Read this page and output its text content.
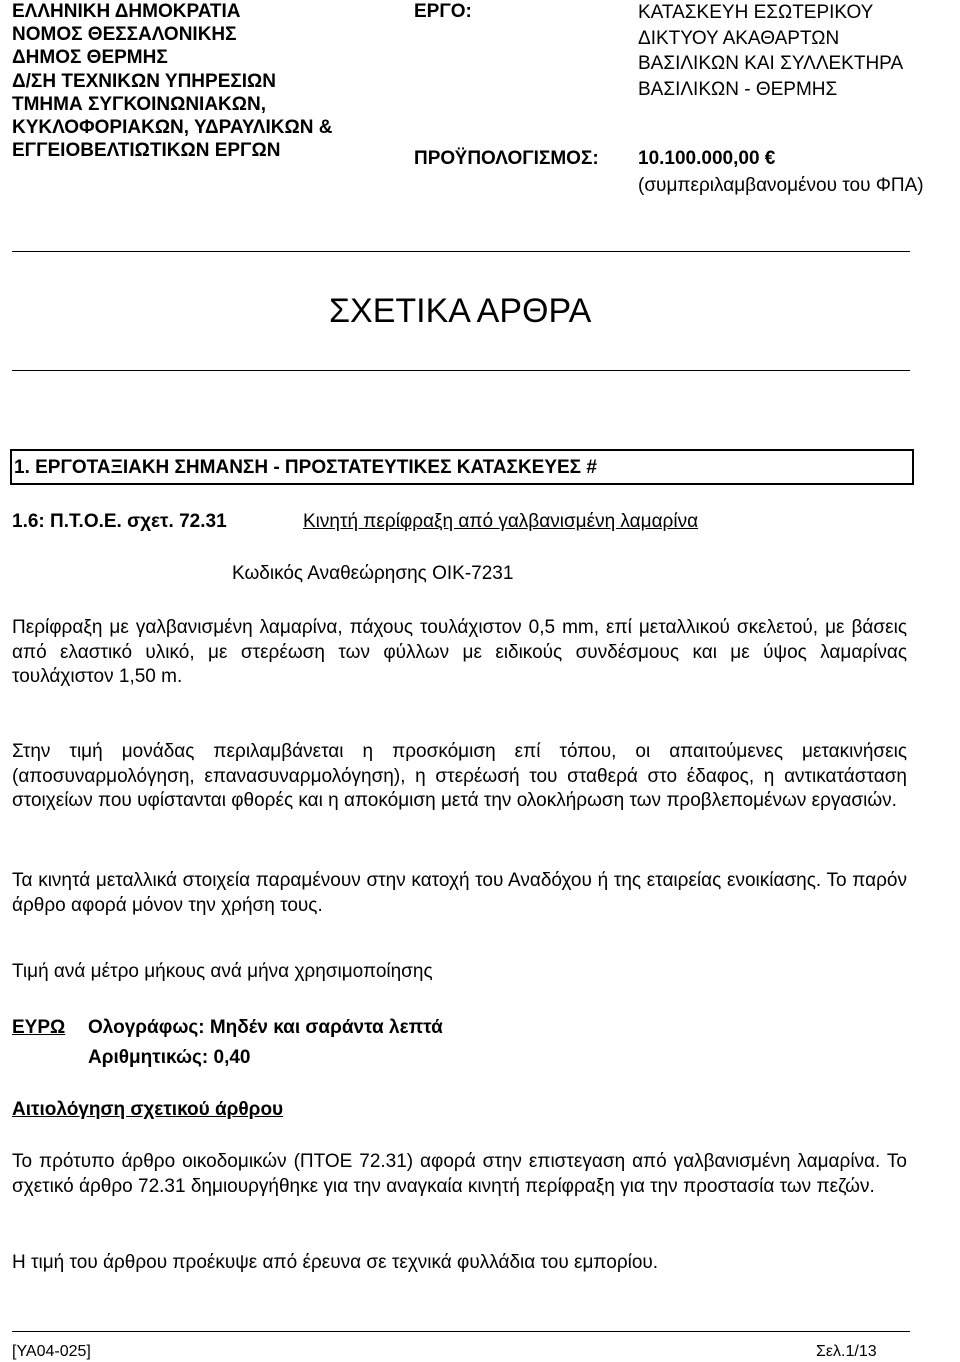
ΕΛΛΗΝΙΚΗ ΔΗΜΟΚΡΑΤΙΑ
ΝΟΜΟΣ ΘΕΣΣΑΛΟΝΙΚΗΣ
ΔΗΜΟΣ ΘΕΡΜΗΣ
Δ/ΣΗ ΤΕΧΝΙΚΩΝ ΥΠΗΡΕΣΙΩΝ
ΤΜΗΜΑ ΣΥΓΚΟΙΝΩΝΙΑΚΩΝ,
ΚΥΚΛΟΦΟΡΙΑΚΩΝ, ΥΔΡΑΥΛΙΚΩΝ &
ΕΓΓΕΙΟΒΕΛΤΙΩΤΙΚΩΝ ΕΡΓΩΝ
ΕΡΓΟ:	ΚΑΤΑΣΚΕΥΗ ΕΣΩΤΕΡΙΚΟΥ
ΔΙΚΤΥΟΥ ΑΚΑΘΑΡΤΩΝ
ΒΑΣΙΛΙΚΩΝ ΚΑΙ ΣΥΛΛΕΚΤΗΡΑ
ΒΑΣΙΛΙΚΩΝ - ΘΕΡΜΗΣ
ΠΡΟΫΠΟΛΟΓΙΣΜΟΣ: 10.100.000,00 €
(συμπεριλαμβανομένου του ΦΠΑ)
ΣΧΕΤΙΚΑ ΑΡΘΡΑ
1. ΕΡΓΟΤΑΞΙΑΚΗ ΣΗΜΑΝΣΗ - ΠΡΟΣΤΑΤΕΥΤΙΚΕΣ ΚΑΤΑΣΚΕΥΕΣ #
1.6: Π.Τ.Ο.Ε. σχετ. 72.31	Κινητή περίφραξη από γαλβανισμένη λαμαρίνα
Κωδικός Αναθεώρησης ΟΙΚ-7231
Περίφραξη με γαλβανισμένη λαμαρίνα, πάχους τουλάχιστον 0,5 mm, επί μεταλλικού σκελετού, με βάσεις από ελαστικό υλικό, με στερέωση των φύλλων με ειδικούς συνδέσμους και με ύψος λαμαρίνας τουλάχιστον 1,50 m.
Στην τιμή μονάδας περιλαμβάνεται η προσκόμιση επί τόπου, οι απαιτούμενες μετακινήσεις (αποσυναρμολόγηση, επανασυναρμολόγηση), η στερέωσή του σταθερά στο έδαφος, η αντικατάσταση στοιχείων που υφίστανται φθορές και η αποκόμιση μετά την ολοκλήρωση των προβλεπομένων εργασιών.
Τα κινητά μεταλλικά στοιχεία παραμένουν στην κατοχή του Αναδόχου ή της εταιρείας ενοικίασης. Το παρόν άρθρο αφορά μόνον την χρήση τους.
Τιμή ανά μέτρο μήκους ανά μήνα χρησιμοποίησης
ΕΥΡΩ Ολογράφως: Μηδέν και σαράντα λεπτά
Αριθμητικώς: 0,40
Αιτιολόγηση σχετικού άρθρου
Το πρότυπο άρθρο οικοδομικών (ΠΤΟΕ 72.31) αφορά στην επιστεγαση από γαλβανισμένη λαμαρίνα. Το σχετικό άρθρο 72.31 δημιουργήθηκε για την αναγκαία κινητή περίφραξη για την προστασία των πεζών.
Η τιμή του άρθρου προέκυψε από έρευνα σε τεχνικά φυλλάδια του εμπορίου.
[ΥΑ04-025]	Σελ.1/13
